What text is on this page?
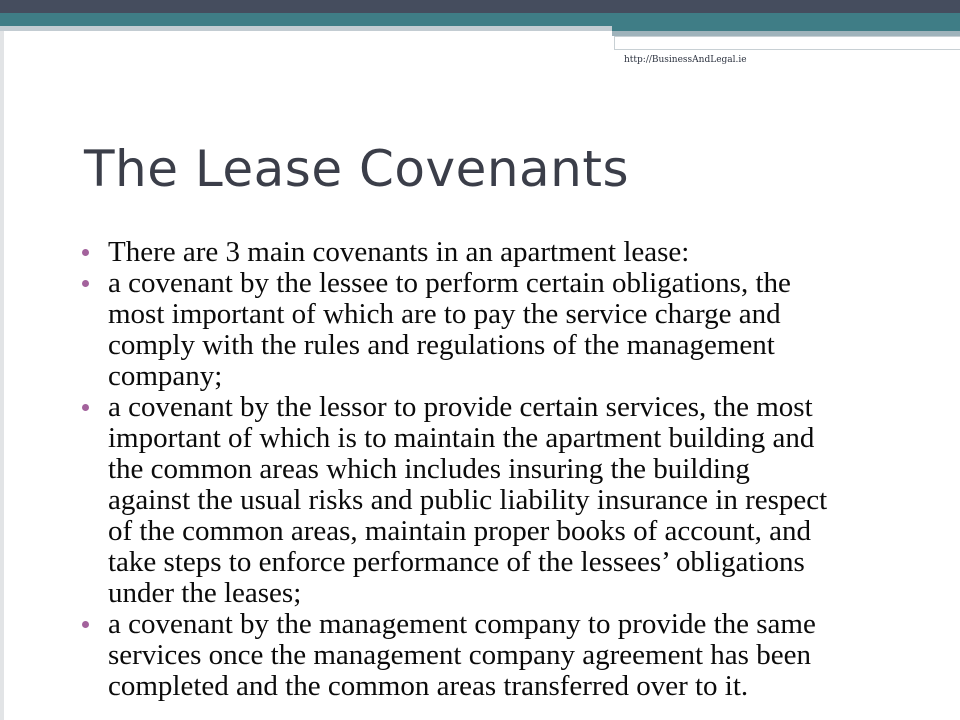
http://BusinessAndLegal.ie
The Lease Covenants
There are 3 main covenants in an apartment lease:
a covenant by the lessee to perform certain obligations, the
most important of which are to pay the service charge and
comply with the rules and regulations of the management
company;
a covenant by the lessor to provide certain services, the most
important of which is to maintain the apartment building and
the common areas which includes insuring the building
against the usual risks and public liability insurance in respect
of the common areas, maintain proper books of account, and
take steps to enforce performance of the lessees’ obligations
under the leases;
a covenant by the management company to provide the same
services once the management company agreement has been
completed and the common areas transferred over to it.
